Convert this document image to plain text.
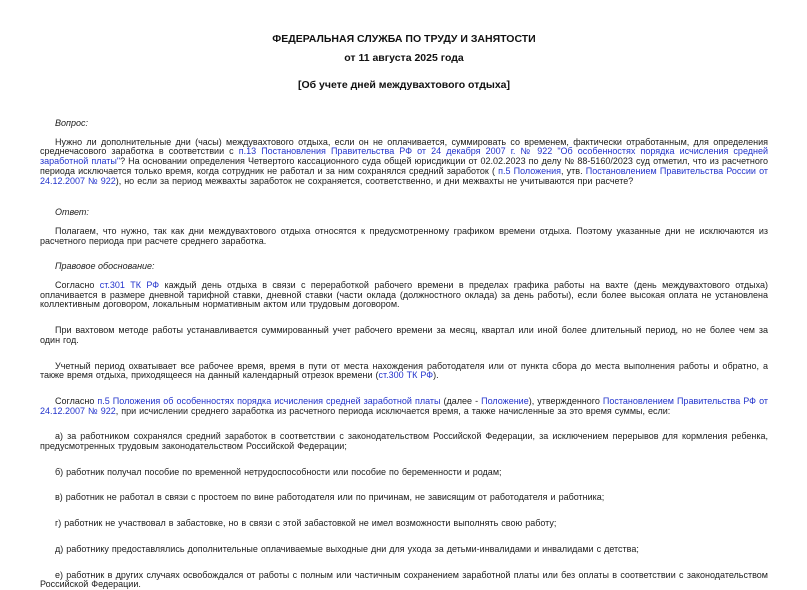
ФЕДЕРАЛЬНАЯ СЛУЖБА ПО ТРУДУ И ЗАНЯТОСТИ
от 11 августа 2025 года
[Об учете дней междувахтового отдыха]
Вопрос:

Нужно ли дополнительные дни (часы) междувахтового отдыха, если он не оплачивается, суммировать со временем, фактически отработанным, для определения среднечасового заработка в соответствии с п.13 Постановления Правительства РФ от 24 декабря 2007 г. № 922 "Об особенностях порядка исчисления средней заработной платы"? На основании определения Четвертого кассационного суда общей юрисдикции от 02.02.2023 по делу № 88-5160/2023 суд отметил, что из расчетного периода исключается только время, когда сотрудник не работал и за ним сохранялся средний заработок ( п.5 Положения, утв. Постановлением Правительства России от 24.12.2007 № 922), но если за период межвахты заработок не сохраняется, соответственно, и дни межвахты не учитываются при расчете?

Ответ:

Полагаем, что нужно, так как дни междувахтового отдыха относятся к предусмотренному графиком времени отдыха. Поэтому указанные дни не исключаются из расчетного периода при расчете среднего заработка.

Правовое обоснование:

Согласно ст.301 ТК РФ каждый день отдыха в связи с переработкой рабочего времени в пределах графика работы на вахте (день междувахтового отдыха) оплачивается в размере дневной тарифной ставки, дневной ставки (части оклада (должностного оклада) за день работы), если более высокая оплата не установлена коллективным договором, локальным нормативным актом или трудовым договором.

При вахтовом методе работы устанавливается суммированный учет рабочего времени за месяц, квартал или иной более длительный период, но не более чем за один год.

Учетный период охватывает все рабочее время, время в пути от места нахождения работодателя или от пункта сбора до места выполнения работы и обратно, а также время отдыха, приходящееся на данный календарный отрезок времени (ст.300 ТК РФ).

Согласно п.5 Положения об особенностях порядка исчисления средней заработной платы (далее - Положение), утвержденного Постановлением Правительства РФ от 24.12.2007 № 922, при исчислении среднего заработка из расчетного периода исключается время, а также начисленные за это время суммы, если:

а) за работником сохранялся средний заработок в соответствии с законодательством Российской Федерации, за исключением перерывов для кормления ребенка, предусмотренных трудовым законодательством Российской Федерации;

б) работник получал пособие по временной нетрудоспособности или пособие по беременности и родам;

в) работник не работал в связи с простоем по вине работодателя или по причинам, не зависящим от работодателя и работника;

г) работник не участвовал в забастовке, но в связи с этой забастовкой не имел возможности выполнять свою работу;

д) работнику предоставлялись дополнительные оплачиваемые выходные дни для ухода за детьми-инвалидами и инвалидами с детства;

е) работник в других случаях освобождался от работы с полным или частичным сохранением заработной платы или без оплаты в соответствии с законодательством Российской Федерации.
